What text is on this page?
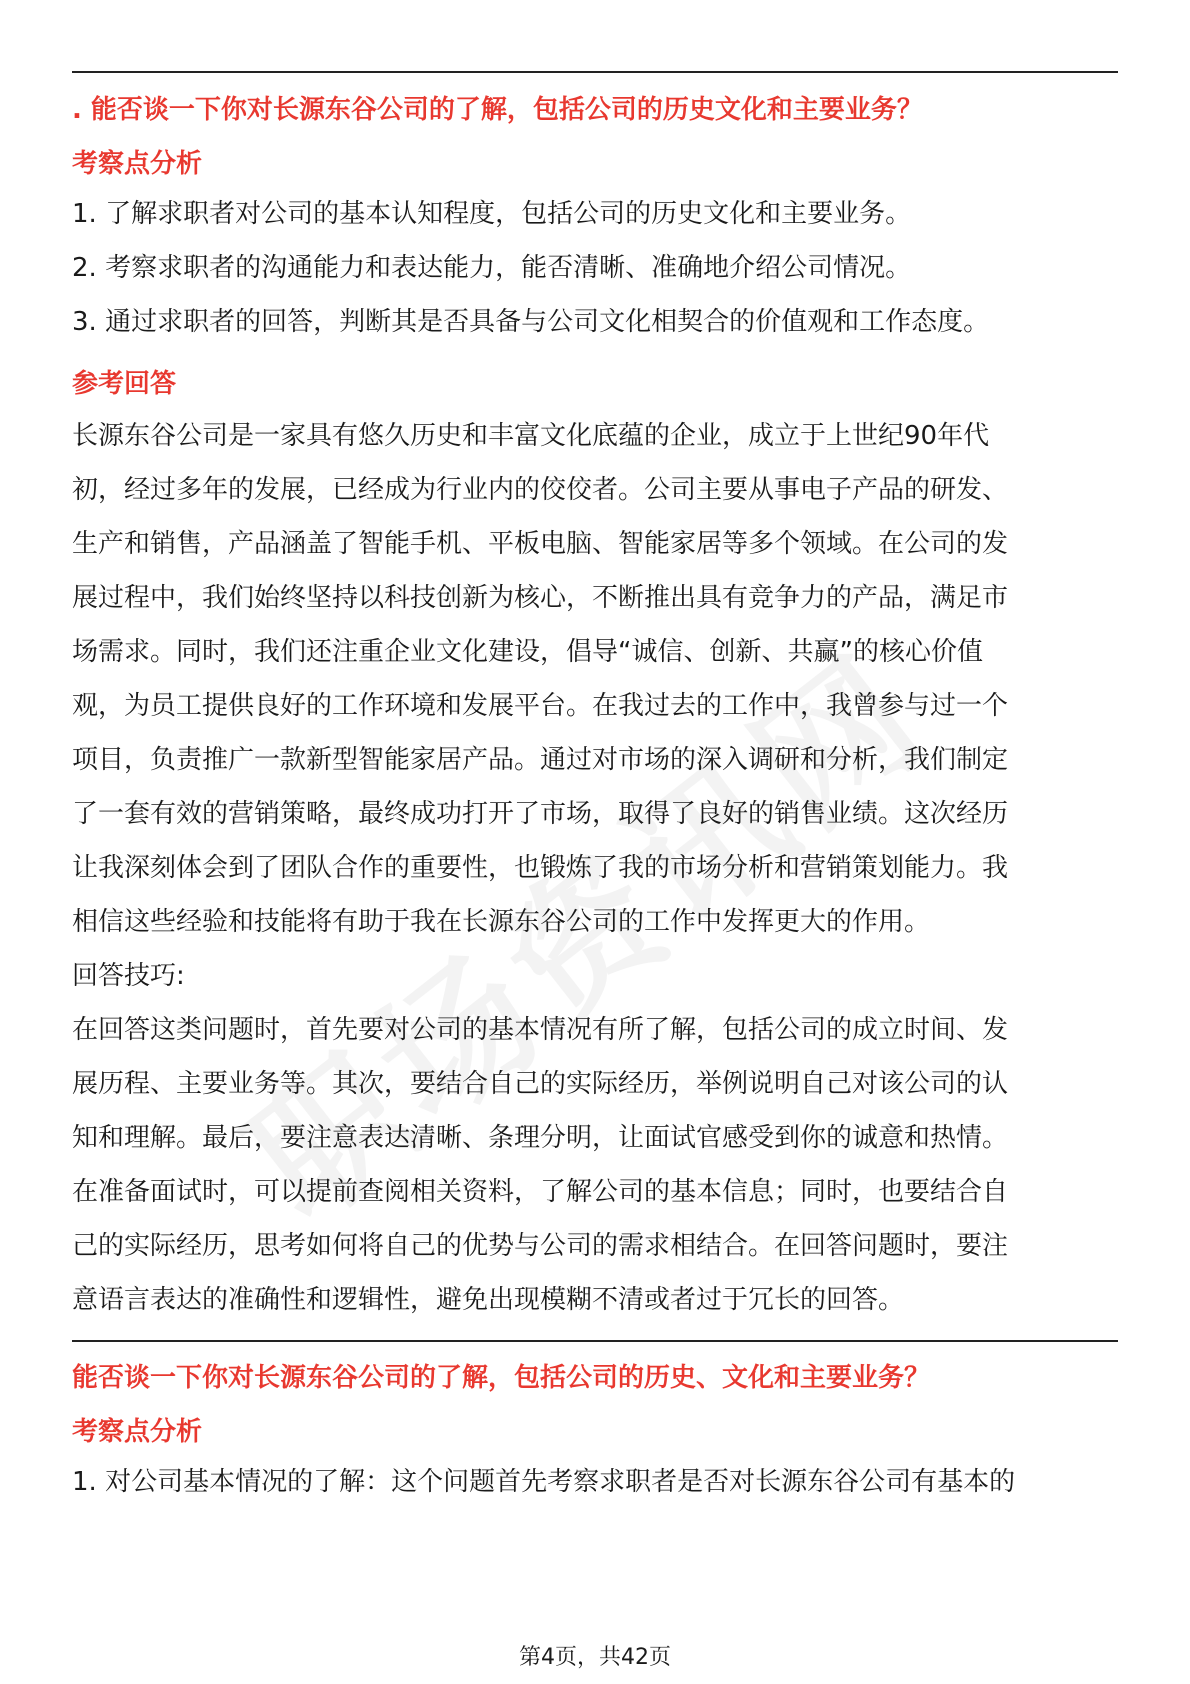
. 能否谈一下你对长源东谷公司的了解，包括公司的历史文化和主要业务？
考察点分析
1. 了解求职者对公司的基本认知程度，包括公司的历史文化和主要业务。
2. 考察求职者的沟通能力和表达能力，能否清晰、准确地介绍公司情况。
3. 通过求职者的回答，判断其是否具备与公司文化相契合的价值观和工作态度。
参考回答
长源东谷公司是一家具有悠久历史和丰富文化底蕴的企业，成立于上世纪90年代
初，经过多年的发展，已经成为行业内的佼佼者。公司主要从事电子产品的研发、
生产和销售，产品涵盖了智能手机、平板电脑、智能家居等多个领域。在公司的发
展过程中，我们始终坚持以科技创新为核心，不断推出具有竞争力的产品，满足市
场需求。同时，我们还注重企业文化建设，倡导“诚信、创新、共赢”的核心价值
观，为员工提供良好的工作环境和发展平台。在我过去的工作中，我曾参与过一个
项目，负责推广一款新型智能家居产品。通过对市场的深入调研和分析，我们制定
了一套有效的营销策略，最终成功打开了市场，取得了良好的销售业绩。这次经历
让我深刻体会到了团队合作的重要性，也锻炼了我的市场分析和营销策划能力。我
相信这些经验和技能将有助于我在长源东谷公司的工作中发挥更大的作用。
回答技巧:
在回答这类问题时，首先要对公司的基本情况有所了解，包括公司的成立时间、发
展历程、主要业务等。其次，要结合自己的实际经历，举例说明自己对该公司的认
知和理解。最后，要注意表达清晰、条理分明，让面试官感受到你的诚意和热情。
在准备面试时，可以提前查阅相关资料，了解公司的基本信息；同时，也要结合自
己的实际经历，思考如何将自己的优势与公司的需求相结合。在回答问题时，要注
意语言表达的准确性和逻辑性，避免出现模糊不清或者过于冗长的回答。
能否谈一下你对长源东谷公司的了解，包括公司的历史、文化和主要业务？
考察点分析
1. 对公司基本情况的了解：这个问题首先考察求职者是否对长源东谷公司有基本的
第4页，共42页
